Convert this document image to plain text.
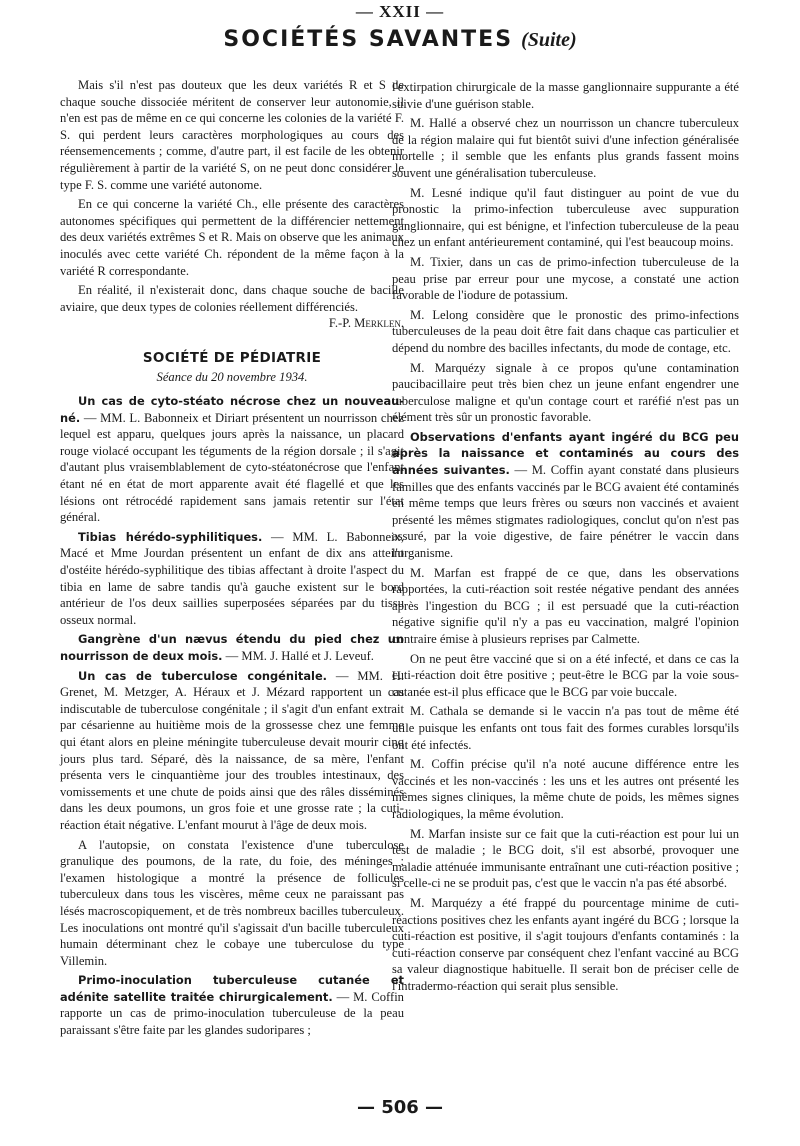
— XXII —
SOCIÉTÉS SAVANTES (Suite)

Mais s'il n'est pas douteux que les deux variétés R et S de chaque souche dissociée méritent de conserver leur autonomie, il n'en est pas de même en ce qui concerne les colonies de la variété F. S. qui perdent leurs caractères morphologiques au cours des réensemencements ; comme, d'autre part, il est facile de les obtenir régulièrement à partir de la variété S, on ne peut donc considérer le type F. S. comme une variété autonome.

En ce qui concerne la variété Ch., elle présente des caractères autonomes spécifiques qui permettent de la différencier nettement des deux variétés extrêmes S et R. Mais on observe que les animaux inoculés avec cette variété Ch. répondent de la même façon à la variété R correspondante.

En réalité, il n'existerait donc, dans chaque souche de bacille aviaire, que deux types de colonies réellement différenciés.
F.-P. Merklen.

SOCIÉTÉ DE PÉDIATRIE
Séance du 20 novembre 1934.

Un cas de cyto-stéato nécrose chez un nouveau-né. — MM. L. Babonneix et Diriart présentent un nourrisson chez lequel est apparu, quelques jours après la naissance, un placard rouge violacé occupant les téguments de la région dorsale ; il s'agit d'autant plus vraisemblablement de cyto-stéatonécrose que l'enfant étant né en état de mort apparente avait été flagellé et que les lésions ont rétrocédé rapidement sans jamais retentir sur l'état général.

Tibias hérédo-syphilitiques. — MM. L. Babonneix, Macé et Mme Jourdan présentent un enfant de dix ans atteint d'ostéite hérédo-syphilitique des tibias affectant à droite l'aspect du tibia en lame de sabre tandis qu'à gauche existent sur le bord antérieur de l'os deux saillies superposées séparées par du tissu osseux normal.

Gangrène d'un nævus étendu du pied chez un nourrisson de deux mois. — MM. J. Hallé et J. Leveuf.

Un cas de tuberculose congénitale. — MM. H. Grenet, M. Metzger, A. Héraux et J. Mézard rapportent un cas indiscutable de tuberculose congénitale ; il s'agit d'un enfant extrait par césarienne au huitième mois de la grossesse chez une femme qui étant alors en pleine méningite tuberculeuse devait mourir cinq jours plus tard. Séparé, dès la naissance, de sa mère, l'enfant présenta vers le cinquantième jour des troubles intestinaux, des vomissements et une chute de poids ainsi que des râles disséminés dans les deux poumons, un gros foie et une grosse rate ; la cuti-réaction était négative. L'enfant mourut à l'âge de deux mois.

A l'autopsie, on constata l'existence d'une tuberculose granulique des poumons, de la rate, du foie, des méninges ; l'examen histologique a montré la présence de follicules tuberculeux dans tous les viscères, même ceux ne paraissant pas lésés macroscopiquement, et de très nombreux bacilles tuberculeux. Les inoculations ont montré qu'il s'agissait d'un bacille tuberculeux humain déterminant chez le cobaye une tuberculose du type Villemin.

Primo-inoculation tuberculeuse cutanée et adénite satellite traitée chirurgicalement. — M. Coffin rapporte un cas de primo-inoculation tuberculeuse de la peau paraissant s'être faite par les glandes sudoripares ;

l'extirpation chirurgicale de la masse ganglionnaire suppurante a été suivie d'une guérison stable.

M. Hallé a observé chez un nourrisson un chancre tuberculeux de la région malaire qui fut bientôt suivi d'une infection généralisée mortelle ; il semble que les enfants plus grands fassent moins souvent une généralisation tuberculeuse.

M. Lesné indique qu'il faut distinguer au point de vue du pronostic la primo-infection tuberculeuse avec suppuration ganglionnaire, qui est bénigne, et l'infection tuberculeuse de la peau chez un enfant antérieurement contaminé, qui l'est beaucoup moins.

M. Tixier, dans un cas de primo-infection tuberculeuse de la peau prise par erreur pour une mycose, a constaté une action favorable de l'iodure de potassium.

M. Lelong considère que le pronostic des primo-infections tuberculeuses de la peau doit être fait dans chaque cas particulier et dépend du nombre des bacilles infectants, du mode de contage, etc.

M. Marquézy signale à ce propos qu'une contamination paucibacillaire peut très bien chez un jeune enfant engendrer une tuberculose maligne et qu'un contage court et raréfié n'est pas un élément très sûr un pronostic favorable.

Observations d'enfants ayant ingéré du BCG peu après la naissance et contaminés au cours des années suivantes. — M. Coffin ayant constaté dans plusieurs familles que des enfants vaccinés par le BCG avaient été contaminés en même temps que leurs frères ou sœurs non vaccinés et avaient présenté les mêmes stigmates radiologiques, conclut qu'on n'est pas assuré, par la voie digestive, de faire pénétrer le vaccin dans l'organisme.

M. Marfan est frappé de ce que, dans les observations rapportées, la cuti-réaction soit restée négative pendant des années après l'ingestion du BCG ; il est persuadé que la cuti-réaction négative signifie qu'il n'y a pas eu vaccination, malgré l'opinion contraire émise à plusieurs reprises par Calmette.

On ne peut être vacciné que si on a été infecté, et dans ce cas la cuti-réaction doit être positive ; peut-être le BCG par la voie sous-cutanée est-il plus efficace que le BCG par voie buccale.

M. Cathala se demande si le vaccin n'a pas tout de même été utile puisque les enfants ont tous fait des formes curables lorsqu'ils ont été infectés.

M. Coffin précise qu'il n'a noté aucune différence entre les vaccinés et les non-vaccinés : les uns et les autres ont présenté les mêmes signes cliniques, la même chute de poids, les mêmes signes radiologiques, la même évolution.

M. Marfan insiste sur ce fait que la cuti-réaction est pour lui un test de maladie ; le BCG doit, s'il est absorbé, provoquer une maladie atténuée immunisante entraînant une cuti-réaction positive ; si celle-ci ne se produit pas, c'est que le vaccin n'a pas été absorbé.

M. Marquézy a été frappé du pourcentage minime de cuti-réactions positives chez les enfants ayant ingéré du BCG ; lorsque la cuti-réaction est positive, il s'agit toujours d'enfants contaminés : la cuti-réaction conserve par conséquent chez l'enfant vacciné au BCG sa valeur diagnostique habituelle. Il serait bon de préciser celle de l'intradermo-réaction qui serait plus sensible.

— 506 —
